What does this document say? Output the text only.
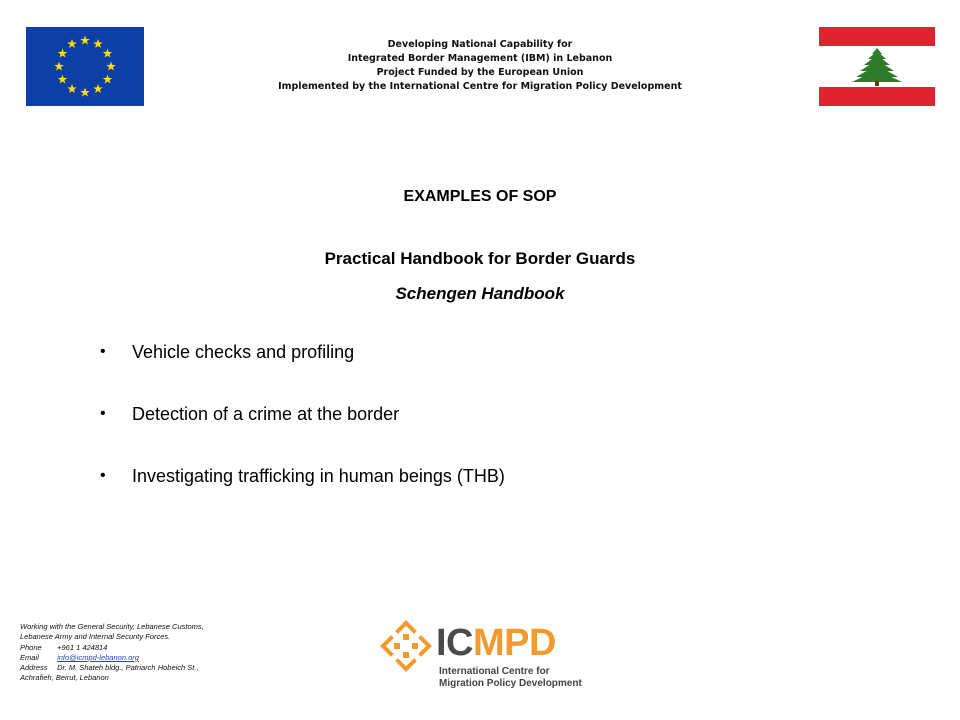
Developing National Capability for
Integrated Border Management (IBM) in Lebanon
Project Funded by the European Union
Implemented by the International Centre for Migration Policy Development
EXAMPLES OF SOP
Practical Handbook for Border Guards
Schengen Handbook
• Vehicle checks and profiling
• Detection of a crime at the border
• Investigating trafficking in human beings (THB)
Working with the General Security, Lebanese Customs,
Lebanese Army and Internal Security Forces.
Phone +961 1 424814
Email info@icmpd-lebanon.org
Address Dr. M. Shateh bldg., Patriarch Hobeich St.,
Achrafieh, Beirut, Lebanon
ICMPD
International Centre for
Migration Policy Development
